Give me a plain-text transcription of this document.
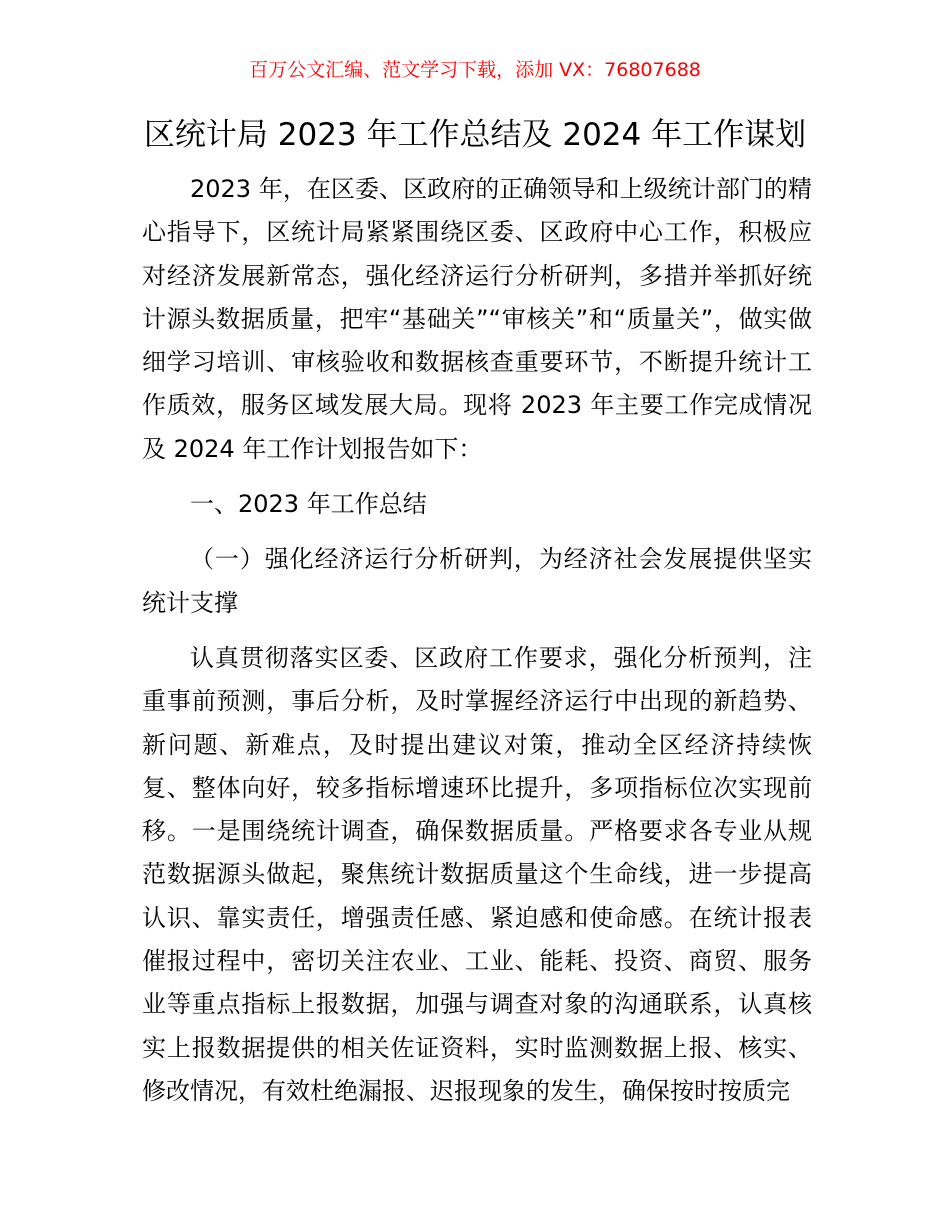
百万公文汇编、范文学习下载，添加 VX：76807688
区统计局 2023 年工作总结及 2024 年工作谋划

2023 年，在区委、区政府的正确领导和上级统计部门的精心指导下，区统计局紧紧围绕区委、区政府中心工作，积极应对经济发展新常态，强化经济运行分析研判，多措并举抓好统计源头数据质量，把牢“基础关”“审核关”和“质量关”，做实做细学习培训、审核验收和数据核查重要环节，不断提升统计工作质效，服务区域发展大局。现将 2023 年主要工作完成情况及 2024 年工作计划报告如下：

一、2023 年工作总结

（一）强化经济运行分析研判，为经济社会发展提供坚实统计支撑

认真贯彻落实区委、区政府工作要求，强化分析预判，注重事前预测，事后分析，及时掌握经济运行中出现的新趋势、新问题、新难点，及时提出建议对策，推动全区经济持续恢复、整体向好，较多指标增速环比提升，多项指标位次实现前移。一是围绕统计调查，确保数据质量。严格要求各专业从规范数据源头做起，聚焦统计数据质量这个生命线，进一步提高认识、靠实责任，增强责任感、紧迫感和使命感。在统计报表催报过程中，密切关注农业、工业、能耗、投资、商贸、服务业等重点指标上报数据，加强与调查对象的沟通联系，认真核实上报数据提供的相关佐证资料，实时监测数据上报、核实、修改情况，有效杜绝漏报、迟报现象的发生，确保按时按质完
